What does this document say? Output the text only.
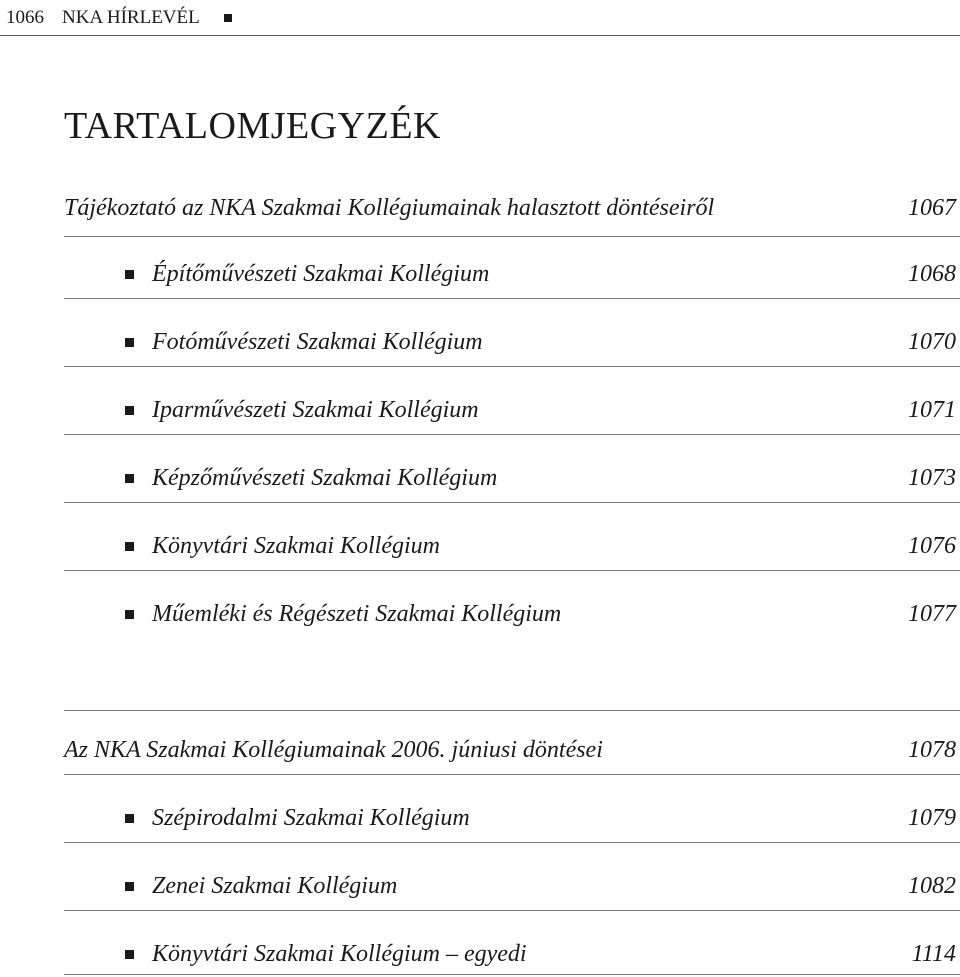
1066 NKA HÍRLEVÉL
TARTALOMJEGYZÉK
Tájékoztató az NKA Szakmai Kollégiumainak halasztott döntéseiről	1067
Építőművészeti Szakmai Kollégium	1068
Fotóművészeti Szakmai Kollégium	1070
Iparművészeti Szakmai Kollégium	1071
Képzőművészeti Szakmai Kollégium	1073
Könyvtári Szakmai Kollégium	1076
Műemléki és Régészeti Szakmai Kollégium	1077
Az NKA Szakmai Kollégiumainak 2006. júniusi döntései	1078
Szépirodalmi Szakmai Kollégium	1079
Zenei Szakmai Kollégium	1082
Könyvtári Szakmai Kollégium – egyedi	1114
